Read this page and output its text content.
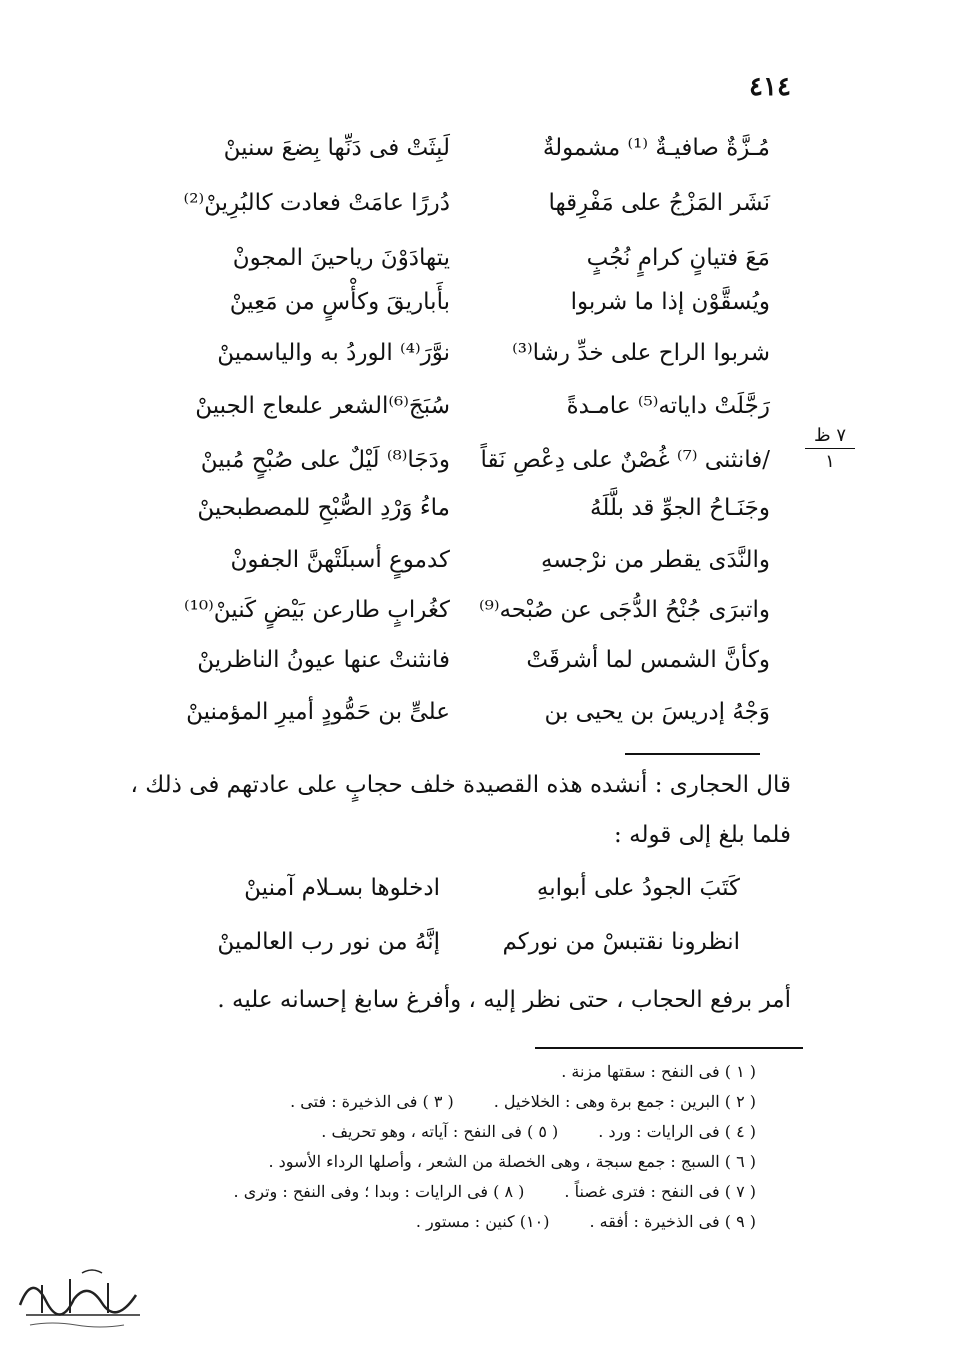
٤١٤
مُـزَّةٌ صافيـةٌ ⁽¹⁾ مشمولةٌ
لَبِثَتْ فى دَنِّها بِضعَ سنينْ
نَشَر المَزْجُ على مَفْرِقها
دُررًا عامَتْ فعادت كالبُرِينْ⁽²⁾
مَعَ فتيانٍ كرامٍ نُجُبٍ
يتهادَوْنَ رياحينَ المجونْ
ويُسقَّوْن إذا ما شربوا
بأَباريقَ وكأْسٍ من مَعِينْ
شربوا الراح على خدِّ رشا⁽³⁾
نوَّرَ⁽⁴⁾ الوردُ به والياسمينْ
رَجَّلَتْ داياته⁽⁵⁾ عامـدةً
سُبَجَ⁽⁶⁾الشعر علىعاج الجبينْ
/فانثنى ⁽⁷⁾ غُصْنٌ على دِعْصِ نَقاً
ودَجَا⁽⁸⁾ لَيْلٌ على صُبْحٍ مُبينْ
وجَنَـاحُ الجوِّ قد بلَّلَهُ
ماءُ وَرْدِ الصُّبْحِ للمصطبحينْ
والنَّدَى يقطر من نرْجسهِ
كدموعٍ أسبلَتْهنَّ الجفونْ
واتبرَى جُنْحُ الدُّجَى عن صُبْحه⁽⁹⁾
كغُرابٍ طارعن بَيْضٍ كَنينْ⁽¹⁰⁾
وكأنَّ الشمس لما أشرقَتْ
فانثنتْ عنها عيونُ الناظرينْ
وَجْهُ إدريسَ بن يحيى بن
علىٍّ بن حَمُّودٍ أميرِ المؤمنينْ
٧ ظ
١
قال الحجارى : أنشده هذه القصيدة خلف حجابٍ على عادتهم فى ذلك ،
فلما بلغ إلى قوله :
كَتَبَ الجودُ على أبوابهِ
ادخلوها بسـلام آمنينْ
انظرونا نقتبسْ من نوركم
إنَّهُ من نور رب العالمينْ
أمر برفع الحجاب ، حتى نظر إليه ، وأفرغ سابغ إحسانه عليه .
( ١ ) فى النفح : سقتها مزنة .
( ٢ ) البرين : جمع برة وهى : الخلاخيل .( ٣ ) فى الذخيرة : فتى .
( ٤ ) فى الرايات : ورد .( ٥ ) فى النفح : آياته ، وهو تحريف .
( ٦ ) السبج : جمع سبجة ، وهى الخصلة من الشعر ، وأصلها الرداء الأسود .
( ٧ ) فى النفح : فترى غصناً .( ٨ ) فى الرايات : وبدا ؛ وفى النفح : وترى .
( ٩ ) فى الذخيرة : أفقه .(١٠) كنين : مستور .
